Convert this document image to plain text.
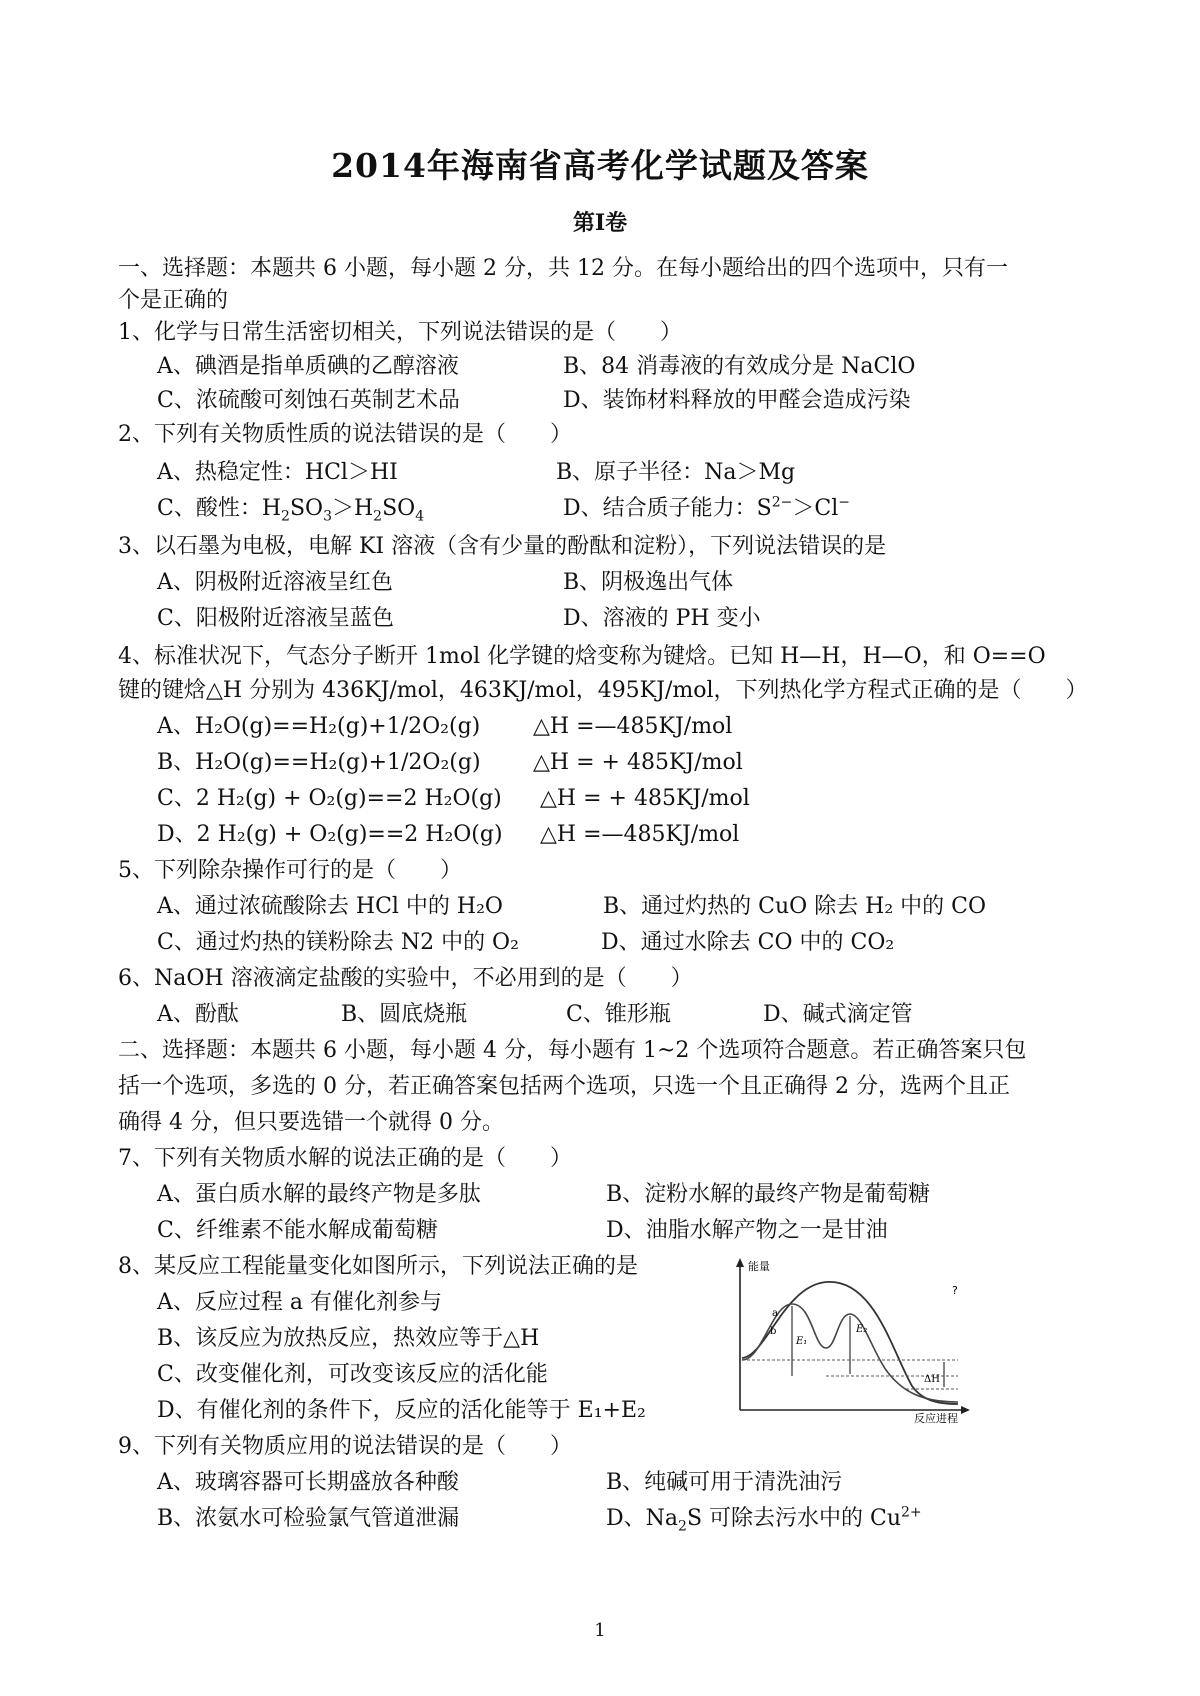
2014年海南省高考化学试题及答案
第Ⅰ卷
一、选择题：本题共 6 小题，每小题 2 分，共 12 分。在每小题给出的四个选项中，只有一
个是正确的
1、化学与日常生活密切相关，下列说法错误的是（　　）
A、碘酒是指单质碘的乙醇溶液	B、84 消毒液的有效成分是 NaClO
C、浓硫酸可刻蚀石英制艺术品	D、装饰材料释放的甲醛会造成污染
2、下列有关物质性质的说法错误的是（　　）
A、热稳定性：HCl＞HI	B、原子半径：Na＞Mg
C、酸性：$H_2SO_3>H_2SO_4$	D、结合质子能力：$S^{2-}>Cl^-$
3、以石墨为电极，电解 KI 溶液（含有少量的酚酞和淀粉），下列说法错误的是
A、阴极附近溶液呈红色	B、阴极逸出气体
C、阳极附近溶液呈蓝色	D、溶液的 PH 变小
4、标准状况下，气态分子断开 1mol 化学键的焓变称为键焓。已知 H—H，H—O，和 O==O
键的键焓△H 分别为 436KJ/mol，463KJ/mol，495KJ/mol，下列热化学方程式正确的是（　　）
A、H₂O(g)==H₂(g)+1/2O₂(g) △H =—485KJ/mol
B、H₂O(g)==H₂(g)+1/2O₂(g) △H = + 485KJ/mol
C、2 H₂(g) + O₂(g)==2 H₂O(g) △H = + 485KJ/mol
D、2 H₂(g) + O₂(g)==2 H₂O(g) △H =—485KJ/mol
5、下列除杂操作可行的是（　　）
A、通过浓硫酸除去 HCl 中的 H₂O	B、通过灼热的 CuO 除去 H₂ 中的 CO
C、通过灼热的镁粉除去 N2 中的 O₂	D、通过水除去 CO 中的 CO₂
6、NaOH 溶液滴定盐酸的实验中，不必用到的是（　　）
A、酚酞	B、圆底烧瓶	C、锥形瓶	D、碱式滴定管
二、选择题：本题共 6 小题，每小题 4 分，每小题有 1~2 个选项符合题意。若正确答案只包
括一个选项，多选的 0 分，若正确答案包括两个选项，只选一个且正确得 2 分，选两个且正
确得 4 分，但只要选错一个就得 0 分。
7、下列有关物质水解的说法正确的是（　　）
A、蛋白质水解的最终产物是多肽	B、淀粉水解的最终产物是葡萄糖
C、纤维素不能水解成葡萄糖	D、油脂水解产物之一是甘油
8、某反应工程能量变化如图所示，下列说法正确的是
A、反应过程 a 有催化剂参与
B、该反应为放热反应，热效应等于△H
C、改变催化剂，可改变该反应的活化能
D、有催化剂的条件下，反应的活化能等于 E₁+E₂
能量
反应进程
?
a
b
E₁
E₂
ΔH
9、下列有关物质应用的说法错误的是（　　）
A、玻璃容器可长期盛放各种酸	B、纯碱可用于清洗油污
B、浓氨水可检验氯气管道泄漏	D、$Na_2S$ 可除去污水中的 $Cu^{2+}$
1
